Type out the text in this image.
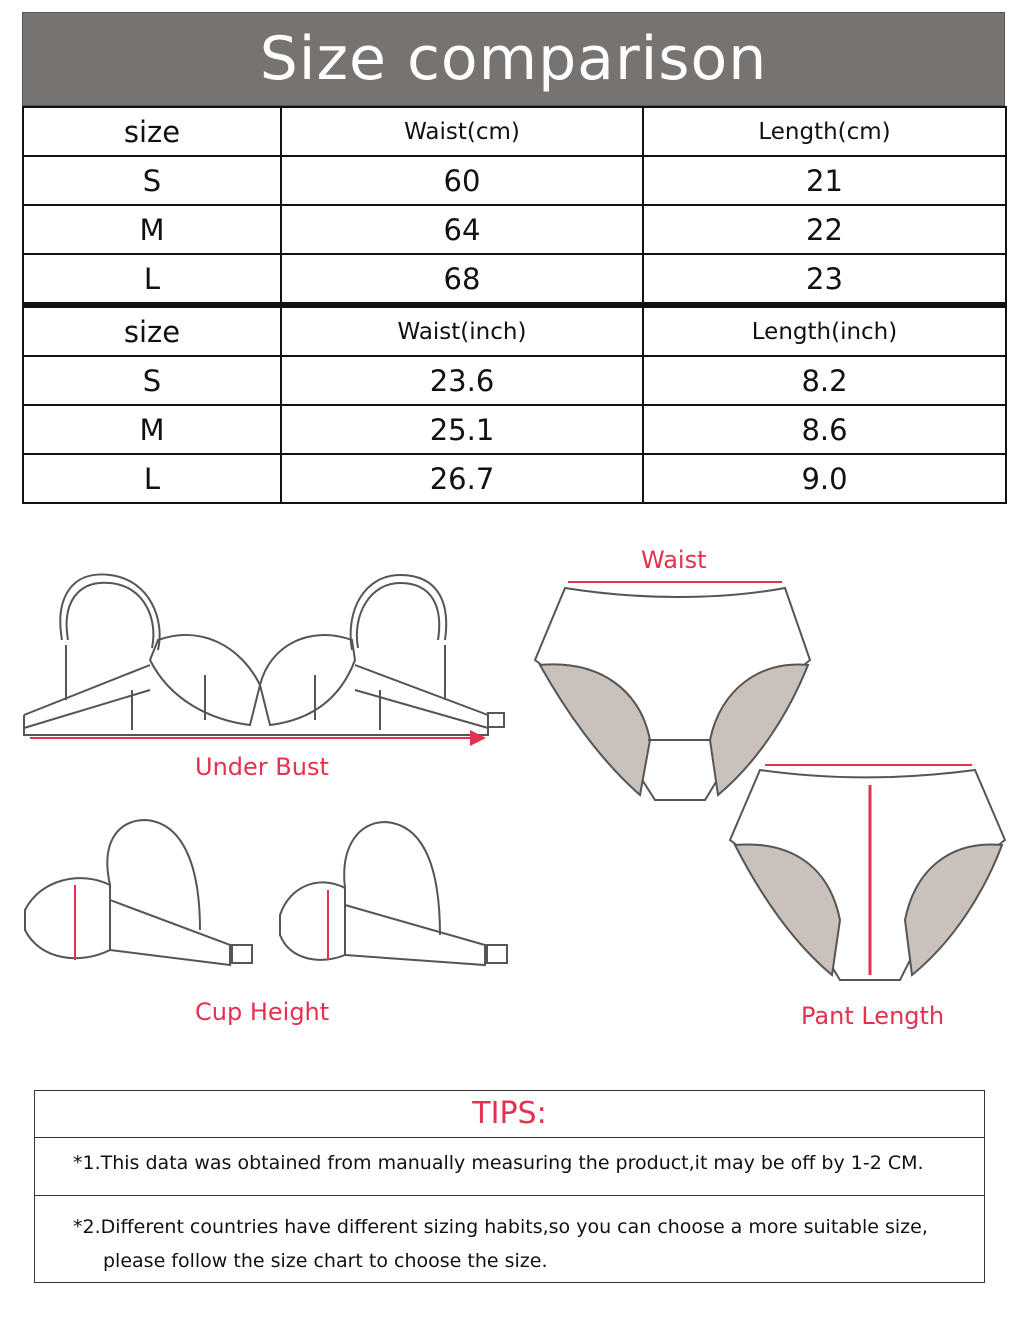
Size comparison
size	Waist(cm)	Length(cm)
S	60	21
M	64	22
L	68	23
size	Waist(inch)	Length(inch)
S	23.6	8.2
M	25.1	8.6
L	26.7	9.0
Waist
Under Bust
Cup Height	Pant Length
TIPS:
*1.This data was obtained from manually measuring the product,it may be off by 1-2 CM.
*2.Different countries have different sizing habits,so you can choose a more suitable size,
please follow the size chart to choose the size.
